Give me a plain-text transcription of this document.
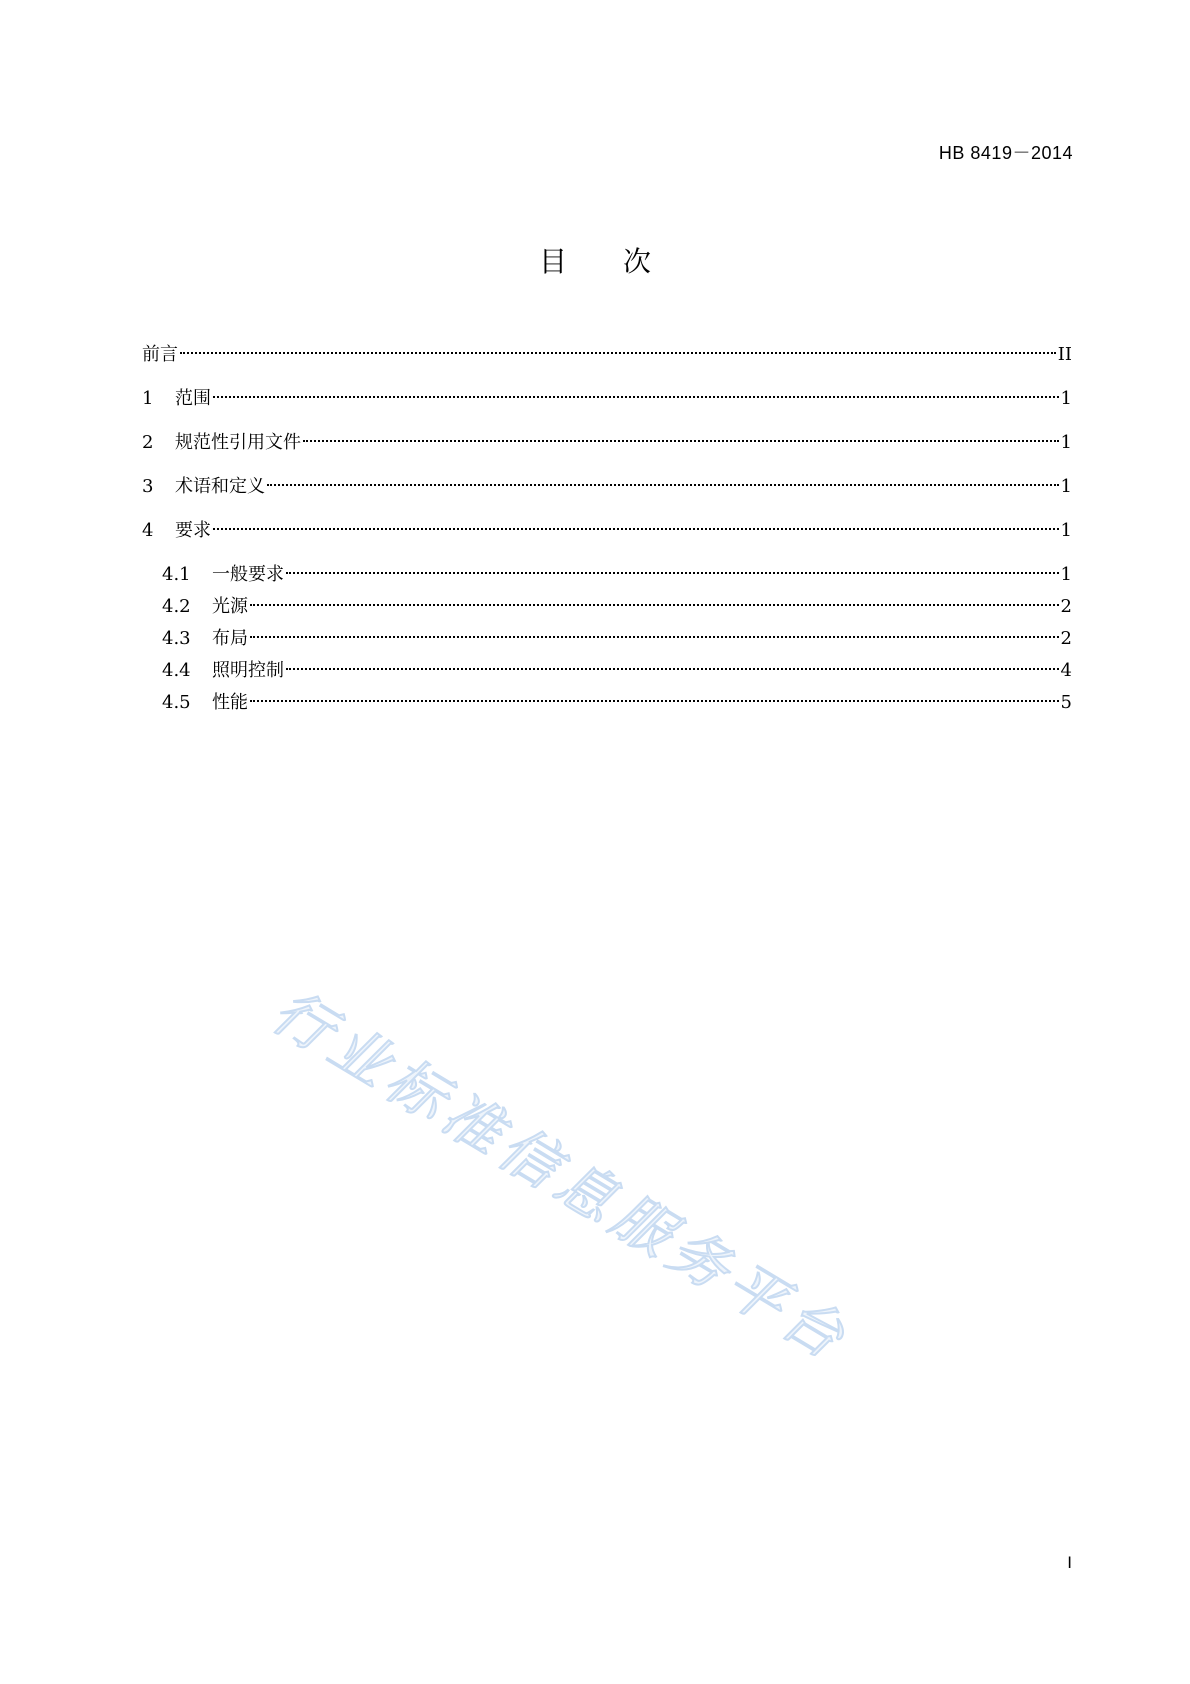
HB 8419－2014
目 次
前言	II
1	范围	1
2	规范性引用文件	1
3	术语和定义	1
4	要求	1
4.1	一般要求	1
4.2	光源	2
4.3	布局	2
4.4	照明控制	4
4.5	性能	5
行业标准信息服务平台
I
